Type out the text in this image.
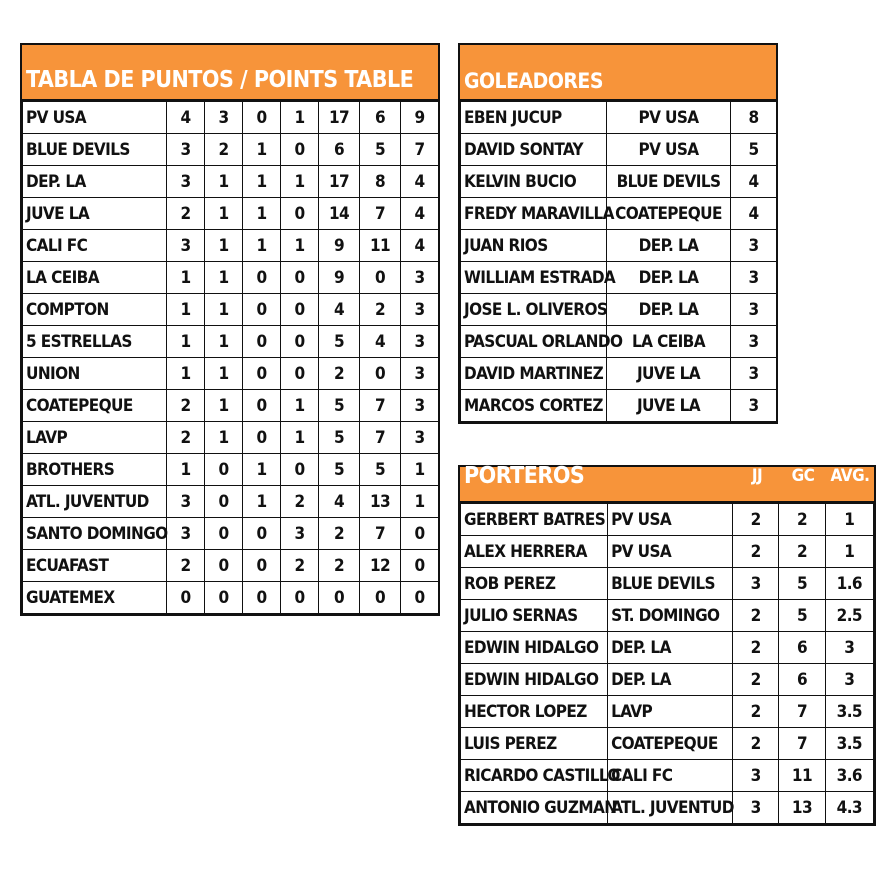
TABLA DE PUNTOS / POINTS TABLE
PV USA	4	3	0	1	17	6	9
BLUE DEVILS	3	2	1	0	6	5	7
DEP. LA	3	1	1	1	17	8	4
JUVE LA	2	1	1	0	14	7	4
CALI FC	3	1	1	1	9	11	4
LA CEIBA	1	1	0	0	9	0	3
COMPTON	1	1	0	0	4	2	3
5 ESTRELLAS	1	1	0	0	5	4	3
UNION	1	1	0	0	2	0	3
COATEPEQUE	2	1	0	1	5	7	3
LAVP	2	1	0	1	5	7	3
BROTHERS	1	0	1	0	5	5	1
ATL. JUVENTUD	3	0	1	2	4	13	1
SANTO DOMINGO	3	0	0	3	2	7	0
ECUAFAST	2	0	0	2	2	12	0
GUATEMEX	0	0	0	0	0	0	0
GOLEADORES
EBEN JUCUP	PV USA	8
DAVID SONTAY	PV USA	5
KELVIN BUCIO	BLUE DEVILS	4
FREDY MARAVILLA	COATEPEQUE	4
JUAN RIOS	DEP. LA	3
WILLIAM ESTRADA	DEP. LA	3
JOSE L. OLIVEROS	DEP. LA	3
PASCUAL ORLANDO	LA CEIBA	3
DAVID MARTINEZ	JUVE LA	3
MARCOS CORTEZ	JUVE LA	3
PORTEROS	JJ	GC AVG.
GERBERT BATRES	PV USA	2	2	1
ALEX HERRERA	PV USA	2	2	1
ROB PEREZ	BLUE DEVILS	3	5	1.6
JULIO SERNAS	ST. DOMINGO	2	5	2.5
EDWIN HIDALGO	DEP. LA	2	6	3
EDWIN HIDALGO	DEP. LA	2	6	3
HECTOR LOPEZ	LAVP	2	7	3.5
LUIS PEREZ	COATEPEQUE	2	7	3.5
RICARDO CASTILLO	CALI FC	3	11	3.6
ANTONIO GUZMAN	ATL. JUVENTUD	3	13	4.3
